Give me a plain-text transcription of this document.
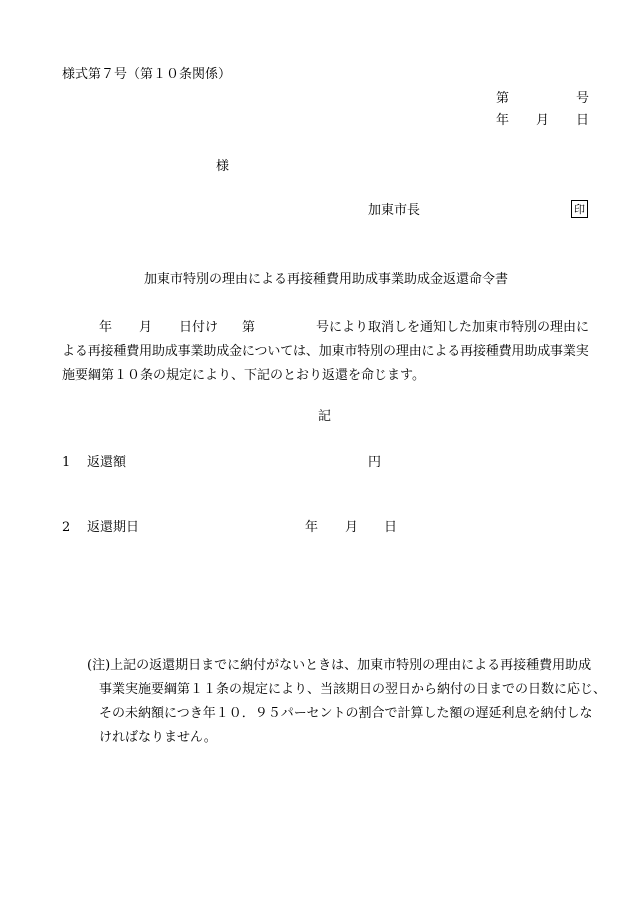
様式第７号（第１０条関係）
第	号
年 月 日
様
加東市長	印
加東市特別の理由による再接種費用助成事業助成金返還命令書
年 月 日付け 第	号により取消しを通知した加東市特別の理由に
よる再接種費用助成事業助成金については、加東市特別の理由による再接種費用助成事業実
施要綱第１０条の規定により、下記のとおり返還を命じます。
記
1 返還額	円
2 返還期日	年 月 日
(注)上記の返還期日までに納付がないときは、加東市特別の理由による再接種費用助成
事業実施要綱第１１条の規定により、当該期日の翌日から納付の日までの日数に応じ、
その未納額につき年１０．９５パーセントの割合で計算した額の遅延利息を納付しな
ければなりません。
